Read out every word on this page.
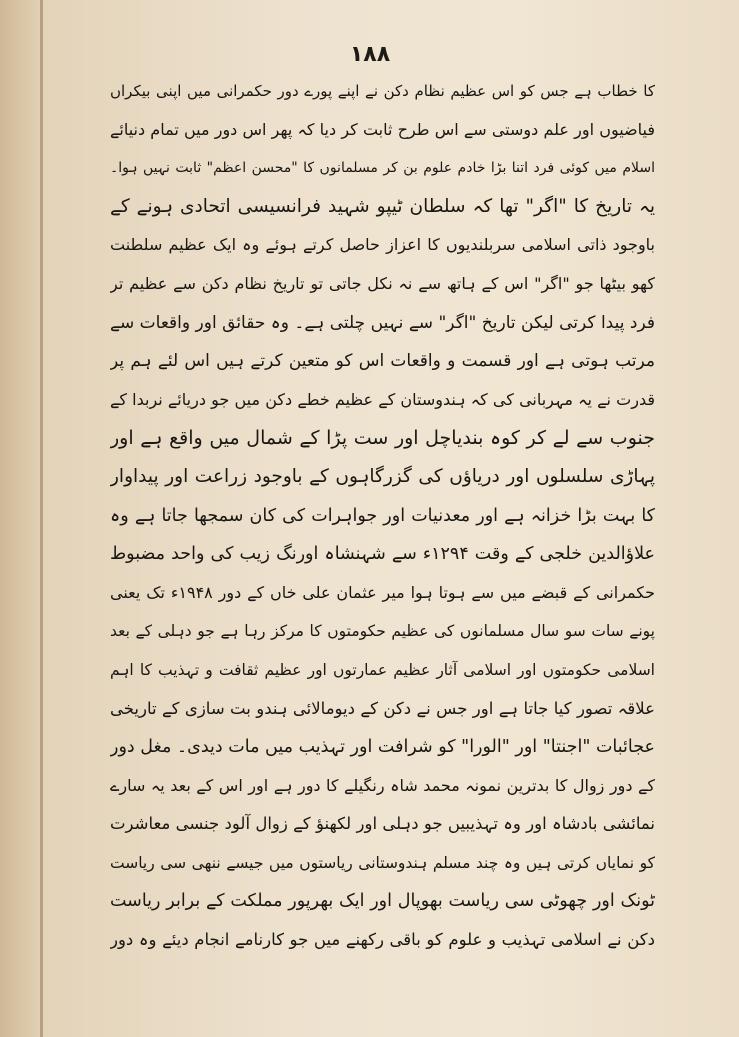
۱۸۸
کا خطاب ہے جس کو اس عظیم نظام دکن نے اپنے پورے دور حکمرانی میں اپنی بیکراں
فیاضیوں اور علم دوستی سے اس طرح ثابت کر دیا کہ پھر اس دور میں تمام دنیائے
اسلام میں کوئی فرد اتنا بڑا خادم علوم بن کر مسلمانوں کا "محسن اعظم" ثابت نہیں ہوا۔
یہ تاریخ کا "اگر" تھا کہ سلطان ٹیپو شہید فرانسیسی اتحادی ہونے کے
باوجود ذاتی اسلامی سربلندیوں کا اعزاز حاصل کرتے ہوئے وہ ایک عظیم سلطنت
کھو بیٹھا جو "اگر" اس کے ہاتھ سے نہ نکل جاتی تو تاریخ نظام دکن سے عظیم تر
فرد پیدا کرتی لیکن تاریخ "اگر" سے نہیں چلتی ہے۔ وہ حقائق اور واقعات سے
مرتب ہوتی ہے اور قسمت و واقعات اس کو متعین کرتے ہیں اس لئے ہم پر
قدرت نے یہ مہربانی کی کہ ہندوستان کے عظیم خطے دکن میں جو دریائے نربدا کے
جنوب سے لے کر کوہ بندیاچل اور ست پڑا کے شمال میں واقع ہے اور
پہاڑی سلسلوں اور دریاؤں کی گزرگاہوں کے باوجود زراعت اور پیداوار
کا بہت بڑا خزانہ ہے اور معدنیات اور جواہرات کی کان سمجھا جاتا ہے وہ
علاؤالدین خلجی کے وقت ۱۲۹۴ء سے شہنشاہ اورنگ زیب کی واحد مضبوط
حکمرانی کے قبضے میں سے ہوتا ہوا میر عثمان علی خاں کے دور ۱۹۴۸ء تک یعنی
پونے سات سو سال مسلمانوں کی عظیم حکومتوں کا مرکز رہا ہے جو دہلی کے بعد
اسلامی حکومتوں اور اسلامی آثار عظیم عمارتوں اور عظیم ثقافت و تہذیب کا اہم
علاقہ تصور کیا جاتا ہے اور جس نے دکن کے دیومالائی ہندو بت سازی کے تاریخی
عجائبات "اجنتا" اور "الورا" کو شرافت اور تہذیب میں مات دیدی۔ مغل دور
کے دور زوال کا بدترین نمونہ محمد شاہ رنگیلے کا دور ہے اور اس کے بعد یہ سارے
نمائشی بادشاہ اور وہ تہذیبیں جو دہلی اور لکھنؤ کے زوال آلود جنسی معاشرت
کو نمایاں کرتی ہیں وہ چند مسلم ہندوستانی ریاستوں میں جیسے ننھی سی ریاست
ٹونک اور چھوٹی سی ریاست بھوپال اور ایک بھرپور مملکت کے برابر ریاست
دکن نے اسلامی تہذیب و علوم کو باقی رکھنے میں جو کارنامے انجام دیئے وہ دور
